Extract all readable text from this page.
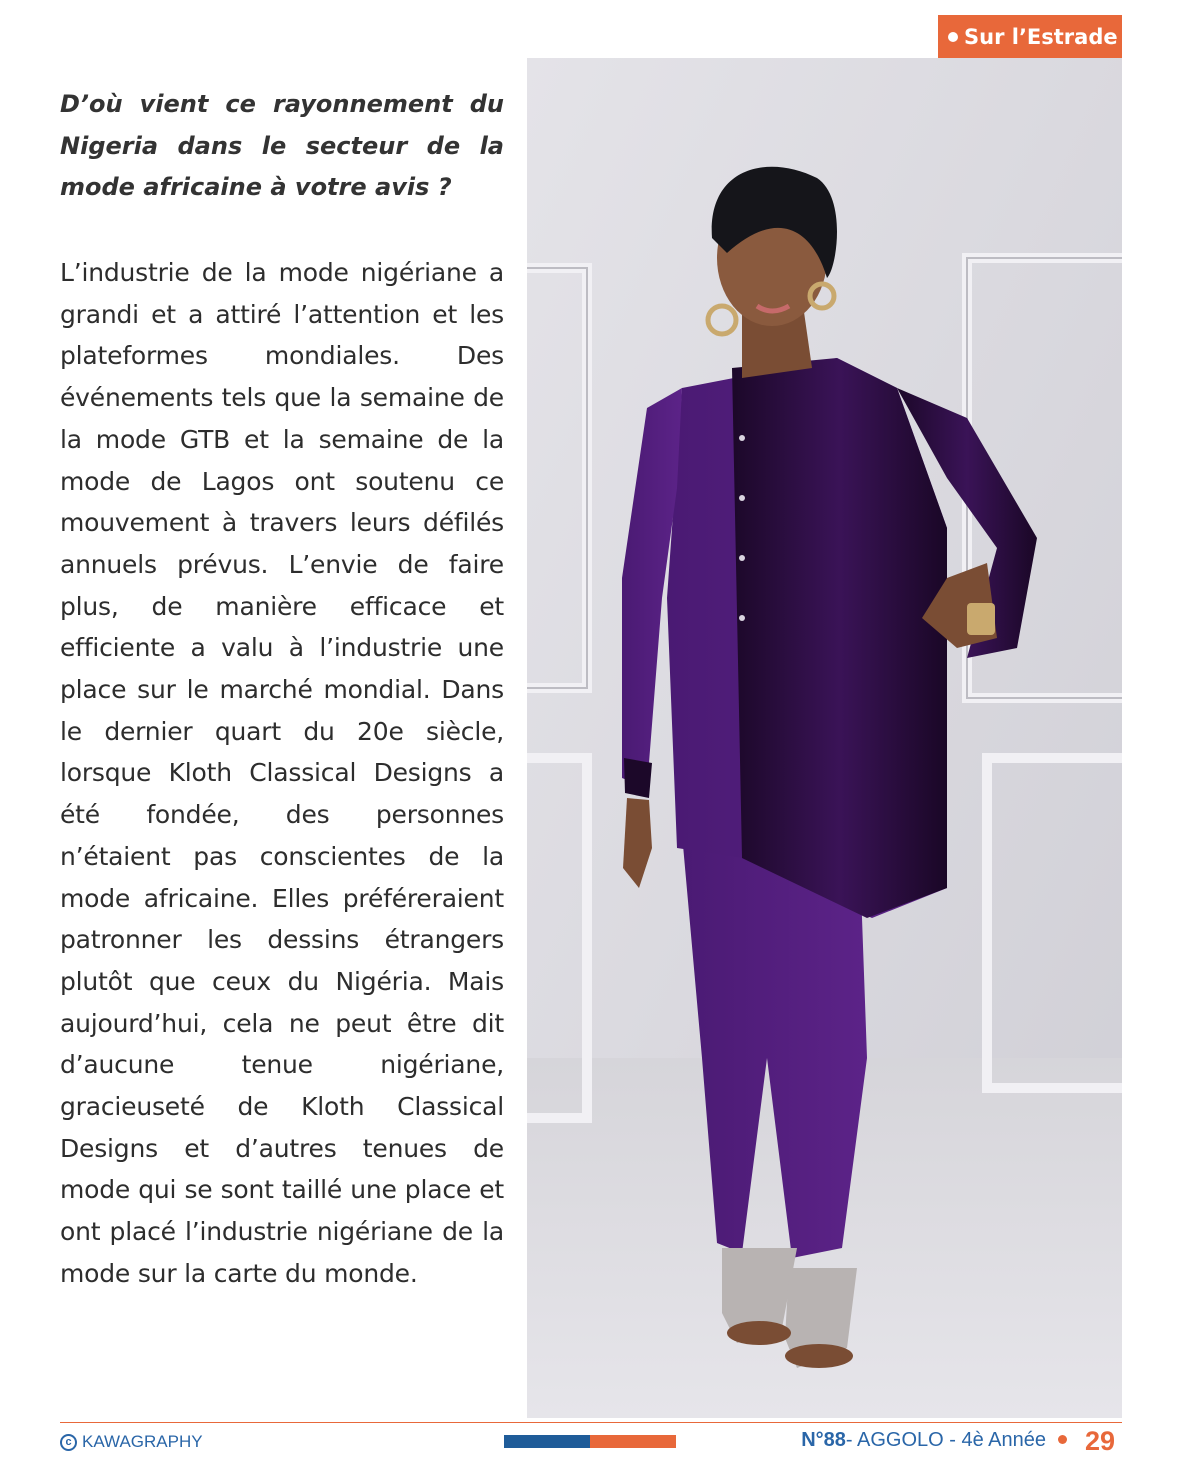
Sur l’Estrade

D’où vient ce rayonnement du Nigeria dans le secteur de la mode africaine à votre avis ?

L’industrie de la mode nigériane a grandi et a attiré l’attention et les plateformes mondiales. Des événements tels que la semaine de la mode GTB et la semaine de la mode de Lagos ont soutenu ce mouvement à travers leurs défilés annuels prévus. L’envie de faire plus, de manière efficace et efficiente a valu à l’industrie une place sur le marché mondial. Dans le dernier quart du 20e siècle, lorsque Kloth Classical Designs a été fondée, des personnes n’étaient pas conscientes de la mode africaine. Elles préféreraient patronner les dessins étrangers plutôt que ceux du Nigéria. Mais aujourd’hui, cela ne peut être dit d’aucune tenue nigériane, gracieuseté de Kloth Classical Designs et d’autres tenues de mode qui se sont taillé une place et ont placé l’industrie nigériane de la mode sur la carte du monde.

c KAWAGRAPHY	N°88 - AGGOLO - 4è Année 29
